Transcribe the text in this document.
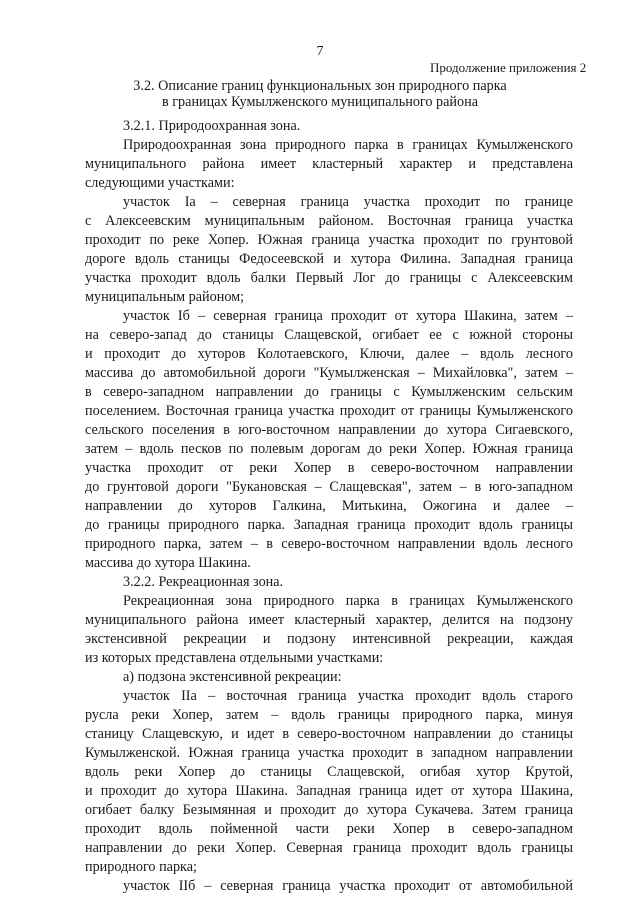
7
Продолжение приложения 2
3.2. Описание границ функциональных зон природного парка
в границах Кумылженского муниципального района
3.2.1. Природоохранная зона.
Природоохранная зона природного парка в границах Кумылженского
муниципального района имеет кластерный характер и представлена
следующими участками:
участок Iа – северная граница участка проходит по границе
с Алексеевским муниципальным районом. Восточная граница участка
проходит по реке Хопер. Южная граница участка проходит по грунтовой
дороге вдоль станицы Федосеевской и хутора Филина. Западная граница
участка проходит вдоль балки Первый Лог до границы с Алексеевским
муниципальным районом;
участок Iб – северная граница проходит от хутора Шакина, затем –
на северо-запад до станицы Слащевской, огибает ее с южной стороны
и проходит до хуторов Колотаевского, Ключи, далее – вдоль лесного
массива до автомобильной дороги "Кумылженская – Михайловка", затем –
в северо-западном направлении до границы с Кумылженским сельским
поселением. Восточная граница участка проходит от границы Кумылженского
сельского поселения в юго-восточном направлении до хутора Сигаевского,
затем – вдоль песков по полевым дорогам до реки Хопер. Южная граница
участка проходит от реки Хопер в северо-восточном направлении
до грунтовой дороги "Букановская – Слащевская", затем – в юго-западном
направлении до хуторов Галкина, Митькина, Ожогина и далее –
до границы природного парка. Западная граница проходит вдоль границы
природного парка, затем – в северо-восточном направлении вдоль лесного
массива до хутора Шакина.
3.2.2. Рекреационная зона.
Рекреационная зона природного парка в границах Кумылженского
муниципального района имеет кластерный характер, делится на подзону
экстенсивной рекреации и подзону интенсивной рекреации, каждая
из которых представлена отдельными участками:
а) подзона экстенсивной рекреации:
участок IIа – восточная граница участка проходит вдоль старого
русла реки Хопер, затем – вдоль границы природного парка, минуя
станицу Слащевскую, и идет в северо-восточном направлении до станицы
Кумылженской. Южная граница участка проходит в западном направлении
вдоль реки Хопер до станицы Слащевской, огибая хутор Крутой,
и проходит до хутора Шакина. Западная граница идет от хутора Шакина,
огибает балку Безымянная и проходит до хутора Сукачева. Затем граница
проходит вдоль пойменной части реки Хопер в северо-западном
направлении до реки Хопер. Северная граница проходит вдоль границы
природного парка;
участок IIб – северная граница участка проходит от автомобильной
